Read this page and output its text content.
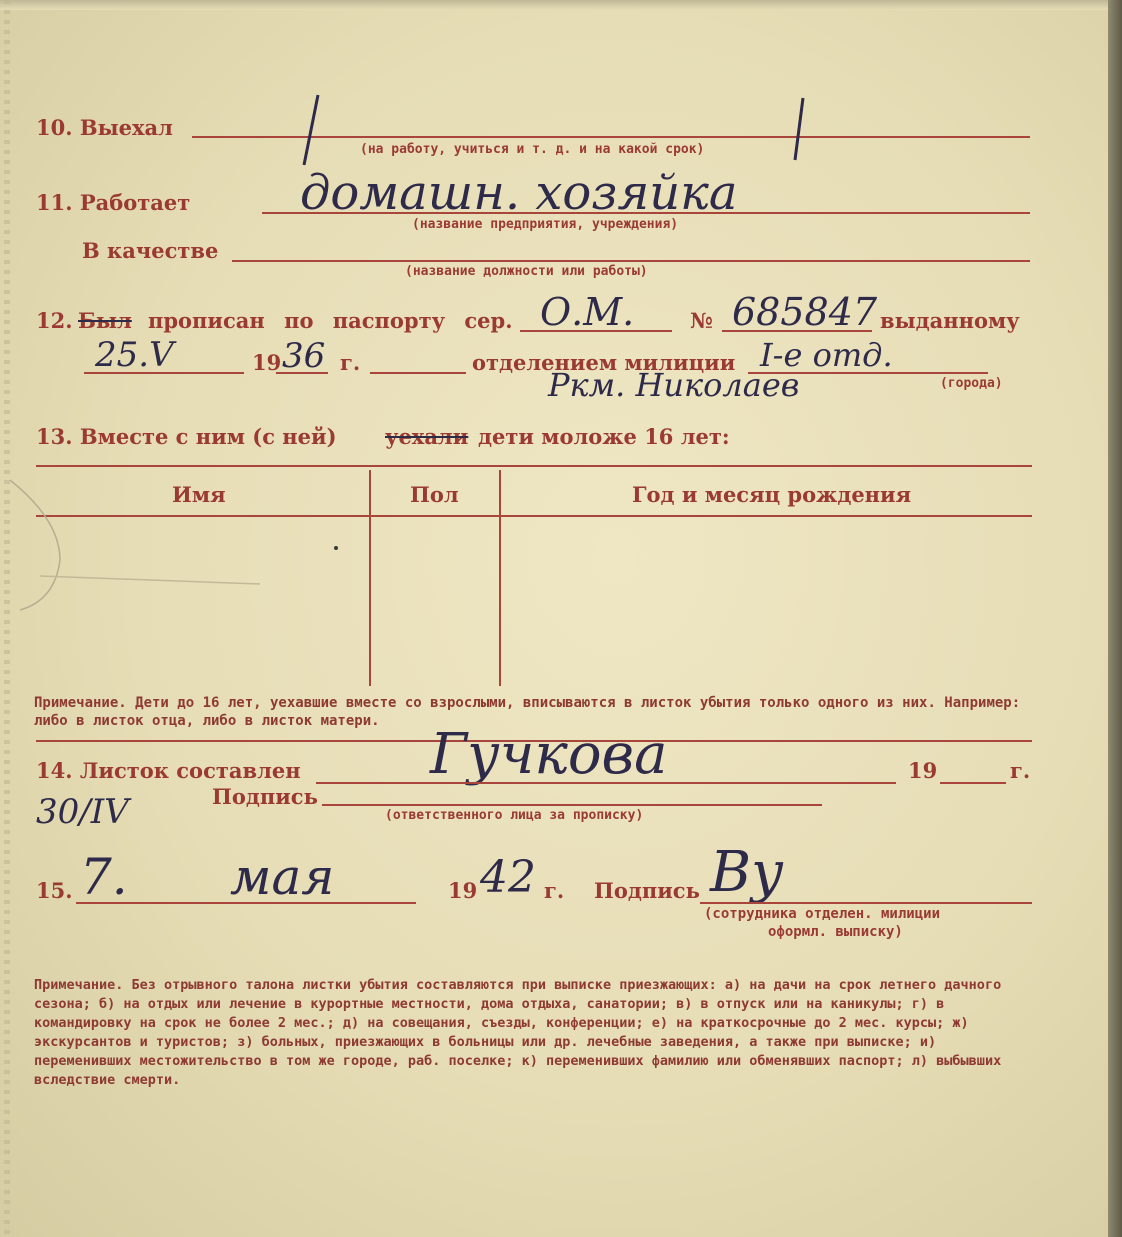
10. Выехал
(на работу, учиться и т. д. и на какой срок)
11. Работает домашн. хозяйка
(название предприятия, учреждения)
В качестве
(название должности или работы)
12. Был прописан по паспорту сер. О.М.	№ 685847 выданному
25.V	19 36 г.	отделением милиции I-е отд.
Ркм. Николаев	(города)
13. Вместе с ним (с ней) уехали дети моложе 16 лет:
Имя	Пол	Год и месяц рождения
Примечание. Дети до 16 лет, уехавшие вместе со взрослыми, вписываются в листок убытия только одного из них. Например: либо в листок отца, либо в листок матери.
14. Листок составлен Гучкова	19	г.
30/IV	Подпись
(ответственного лица за прописку)
15. 7. мая	19 42 г. Подпись Ву
(сотрудника отделен. милиции
оформл. выписку)
Примечание. Без отрывного талона листки убытия составляются при выписке приезжающих: а) на дачи на срок летнего дачного сезона; б) на отдых или лечение в курортные местности, дома отдыха, санатории; в) в отпуск или на каникулы; г) в командировку на срок не более 2 мес.; д) на совещания, съезды, конференции; е) на краткосрочные до 2 мес. курсы; ж) экскурсантов и туристов; з) больных, приезжающих в больницы или др. лечебные заведения, а также при выписке; и) переменивших местожительство в том же городе, раб. поселке; к) переменивших фамилию или обменявших паспорт; л) выбывших вследствие смерти.
